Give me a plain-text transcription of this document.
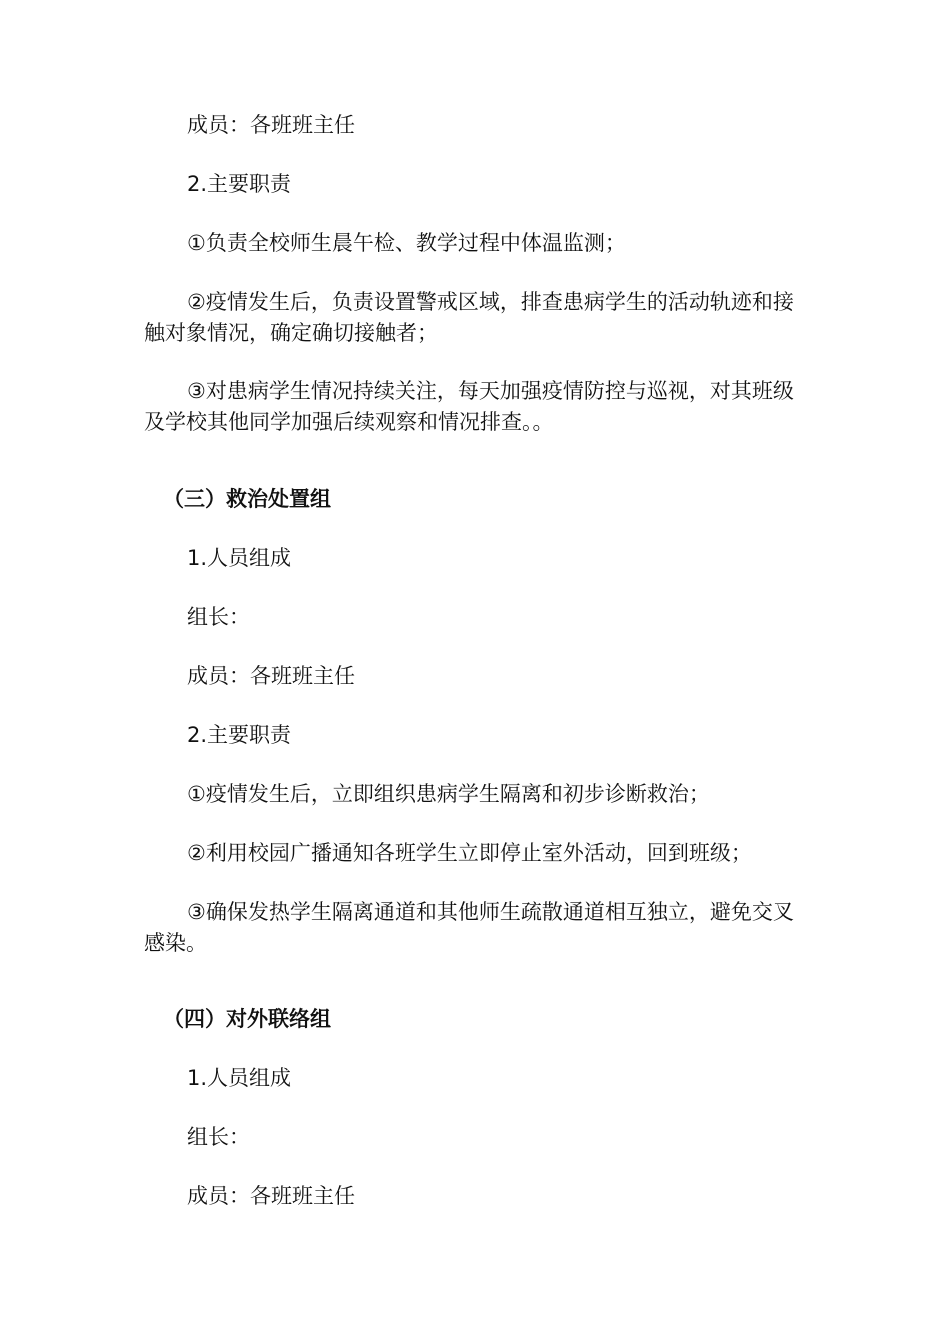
成员：各班班主任
2.主要职责
①负责全校师生晨午检、教学过程中体温监测；
②疫情发生后，负责设置警戒区域，排查患病学生的活动轨迹和接
触对象情况，确定确切接触者；
③对患病学生情况持续关注，每天加强疫情防控与巡视，对其班级
及学校其他同学加强后续观察和情况排查。。
（三）救治处置组
1.人员组成
组长：
成员：各班班主任
2.主要职责
①疫情发生后，立即组织患病学生隔离和初步诊断救治；
②利用校园广播通知各班学生立即停止室外活动，回到班级；
③确保发热学生隔离通道和其他师生疏散通道相互独立，避免交叉
感染。
（四）对外联络组
1.人员组成
组长：
成员：各班班主任
